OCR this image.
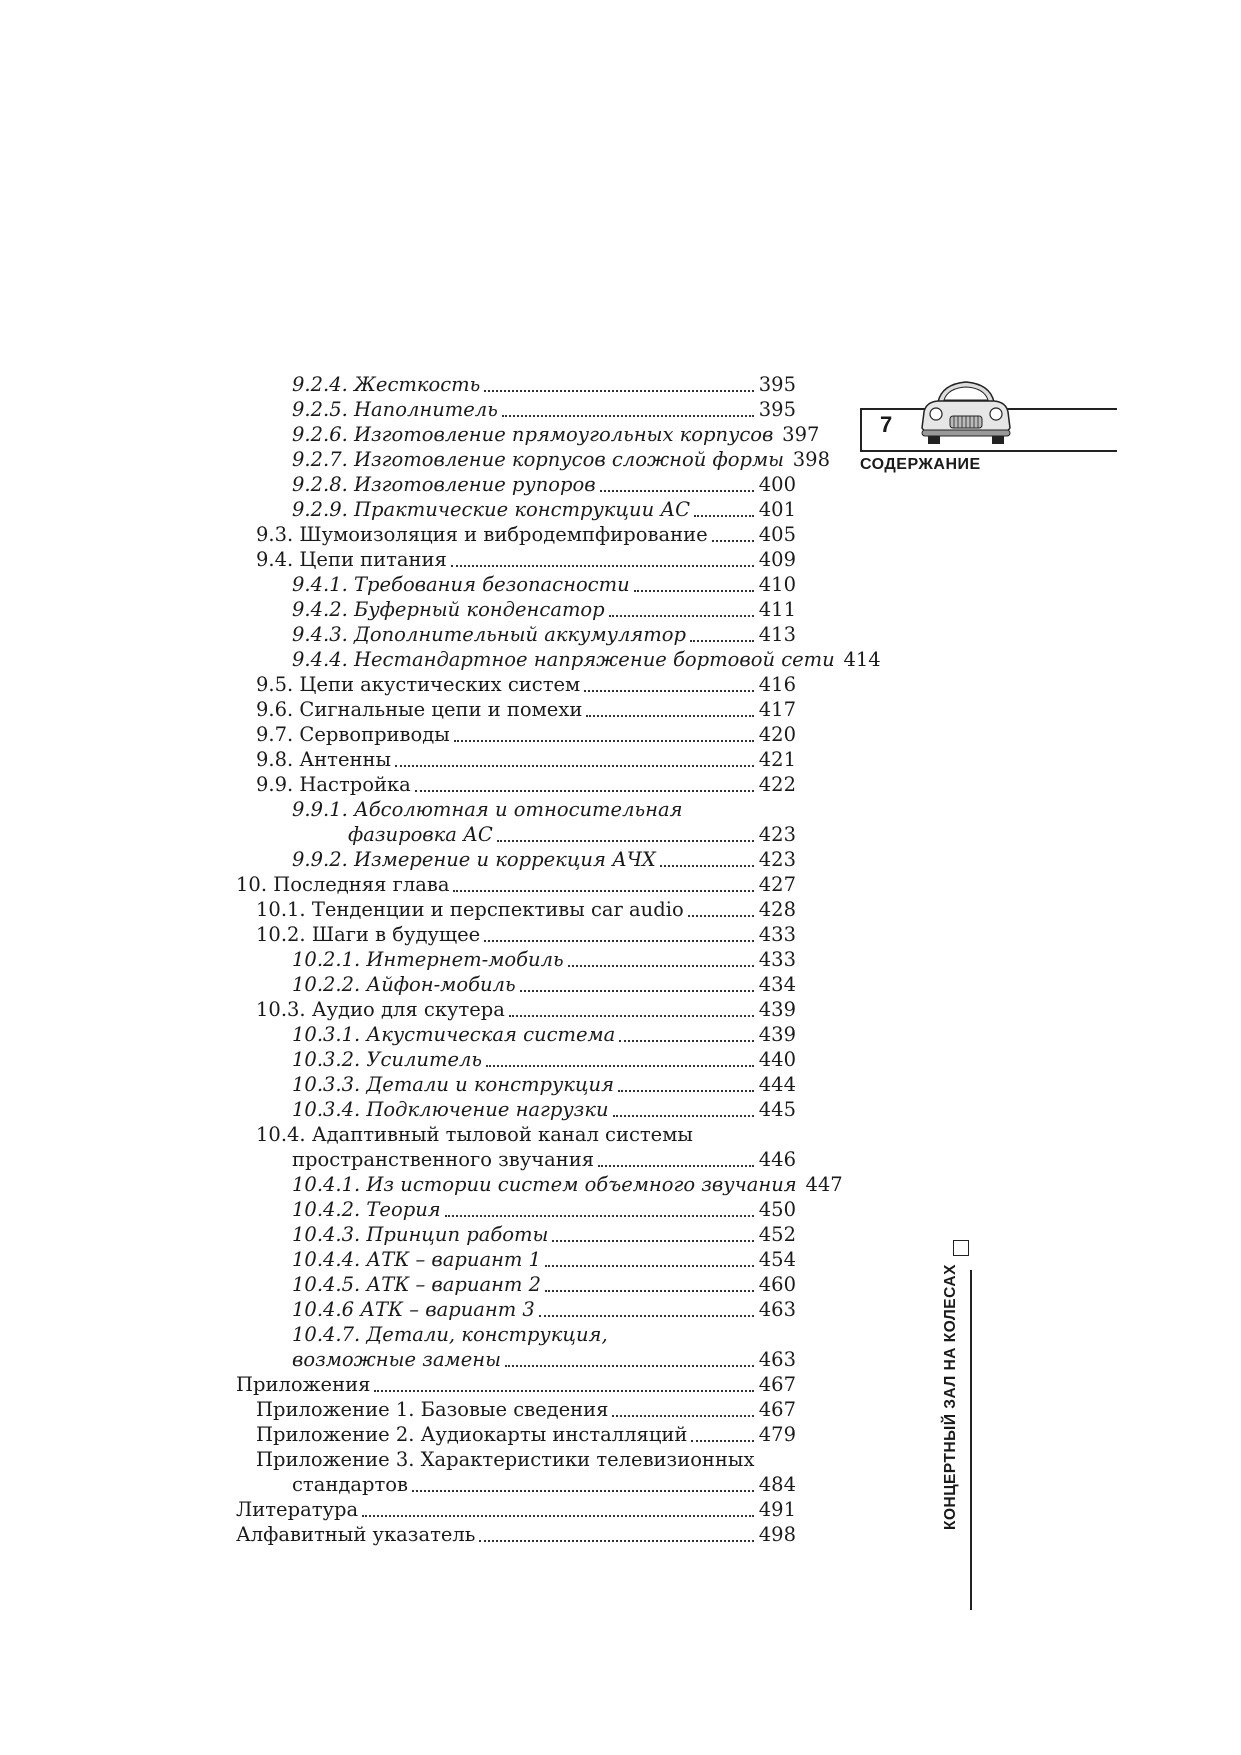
7
СОДЕРЖАНИЕ
КОНЦЕРТНЫЙ ЗАЛ НА КОЛЕСАХ
9.2.4. Жесткость	395
9.2.5. Наполнитель	395
9.2.6. Изготовление прямоугольных корпусов 397
9.2.7. Изготовление корпусов сложной формы 398
9.2.8. Изготовление рупоров	400
9.2.9. Практические конструкции АС	401
9.3. Шумоизоляция и вибродемпфирование	405
9.4. Цепи питания	409
9.4.1. Требования безопасности	410
9.4.2. Буферный конденсатор	411
9.4.3. Дополнительный аккумулятор	413
9.4.4. Нестандартное напряжение бортовой сети 414
9.5. Цепи акустических систем	416
9.6. Сигнальные цепи и помехи	417
9.7. Сервоприводы	420
9.8. Антенны	421
9.9. Настройка	422
9.9.1. Абсолютная и относительная
фазировка АС	423
9.9.2. Измерение и коррекция АЧХ	423
10. Последняя глава	427
10.1. Тенденции и перспективы car audio	428
10.2. Шаги в будущее	433
10.2.1. Интернет-мобиль	433
10.2.2. Айфон-мобиль	434
10.3. Аудио для скутера	439
10.3.1. Акустическая система	439
10.3.2. Усилитель	440
10.3.3. Детали и конструкция	444
10.3.4. Подключение нагрузки	445
10.4. Адаптивный тыловой канал системы
пространственного звучания	446
10.4.1. Из истории систем объемного звучания 447
10.4.2. Теория	450
10.4.3. Принцип работы	452
10.4.4. АТК – вариант 1	454
10.4.5. АТК – вариант 2	460
10.4.6 АТК – вариант 3	463
10.4.7. Детали, конструкция,
возможные замены	463
Приложения	467
Приложение 1. Базовые сведения	467
Приложение 2. Аудиокарты инсталляций	479
Приложение 3. Характеристики телевизионных
стандартов	484
Литература	491
Алфавитный указатель	498
